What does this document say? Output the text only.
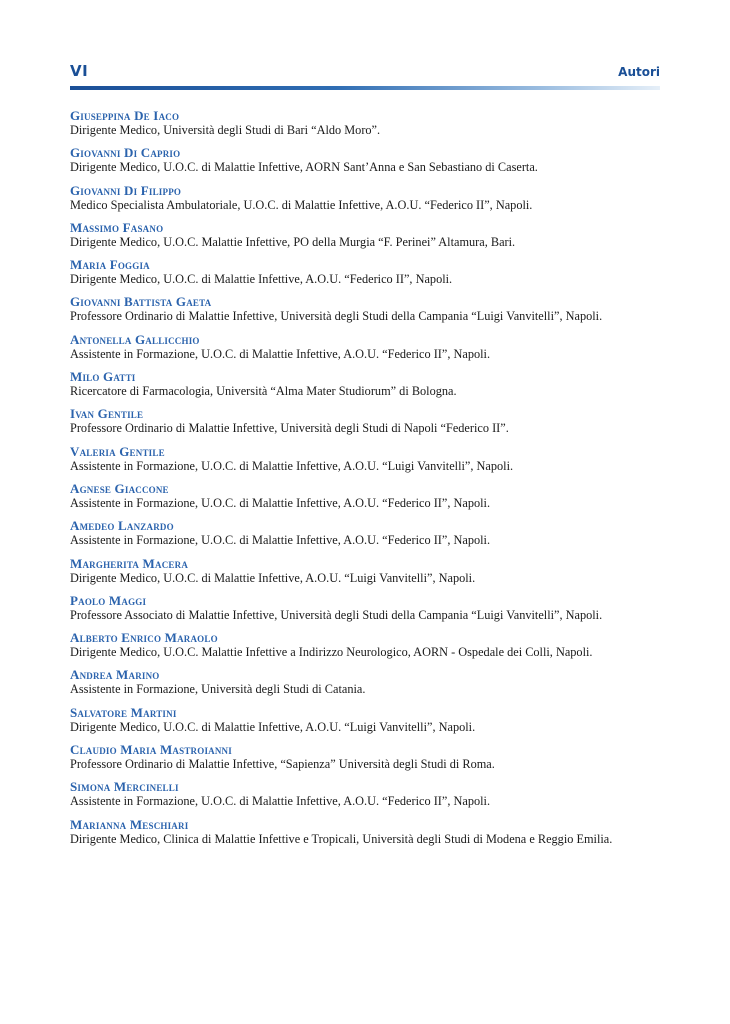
VI	Autori
Giuseppina De Iaco
Dirigente Medico, Università degli Studi di Bari “Aldo Moro”.
Giovanni Di Caprio
Dirigente Medico, U.O.C. di Malattie Infettive, AORN Sant’Anna e San Sebastiano di Caserta.
Giovanni Di Filippo
Medico Specialista Ambulatoriale, U.O.C. di Malattie Infettive, A.O.U. “Federico II”, Napoli.
Massimo Fasano
Dirigente Medico, U.O.C. Malattie Infettive, PO della Murgia “F. Perinei” Altamura, Bari.
Maria Foggia
Dirigente Medico, U.O.C. di Malattie Infettive, A.O.U. “Federico II”, Napoli.
Giovanni Battista Gaeta
Professore Ordinario di Malattie Infettive, Università degli Studi della Campania “Luigi Vanvitelli”, Napoli.
Antonella Gallicchio
Assistente in Formazione, U.O.C. di Malattie Infettive, A.O.U. “Federico II”, Napoli.
Milo Gatti
Ricercatore di Farmacologia, Università “Alma Mater Studiorum” di Bologna.
Ivan Gentile
Professore Ordinario di Malattie Infettive, Università degli Studi di Napoli “Federico II”.
Valeria Gentile
Assistente in Formazione, U.O.C. di Malattie Infettive, A.O.U. “Luigi Vanvitelli”, Napoli.
Agnese Giaccone
Assistente in Formazione, U.O.C. di Malattie Infettive, A.O.U. “Federico II”, Napoli.
Amedeo Lanzardo
Assistente in Formazione, U.O.C. di Malattie Infettive, A.O.U. “Federico II”, Napoli.
Margherita Macera
Dirigente Medico, U.O.C. di Malattie Infettive, A.O.U. “Luigi Vanvitelli”, Napoli.
Paolo Maggi
Professore Associato di Malattie Infettive, Università degli Studi della Campania “Luigi Vanvitelli”, Napoli.
Alberto Enrico Maraolo
Dirigente Medico, U.O.C. Malattie Infettive a Indirizzo Neurologico, AORN - Ospedale dei Colli, Napoli.
Andrea Marino
Assistente in Formazione, Università degli Studi di Catania.
Salvatore Martini
Dirigente Medico, U.O.C. di Malattie Infettive, A.O.U. “Luigi Vanvitelli”, Napoli.
Claudio Maria Mastroianni
Professore Ordinario di Malattie Infettive, “Sapienza” Università degli Studi di Roma.
Simona Mercinelli
Assistente in Formazione, U.O.C. di Malattie Infettive, A.O.U. “Federico II”, Napoli.
Marianna Meschiari
Dirigente Medico, Clinica di Malattie Infettive e Tropicali, Università degli Studi di Modena e Reggio Emilia.
